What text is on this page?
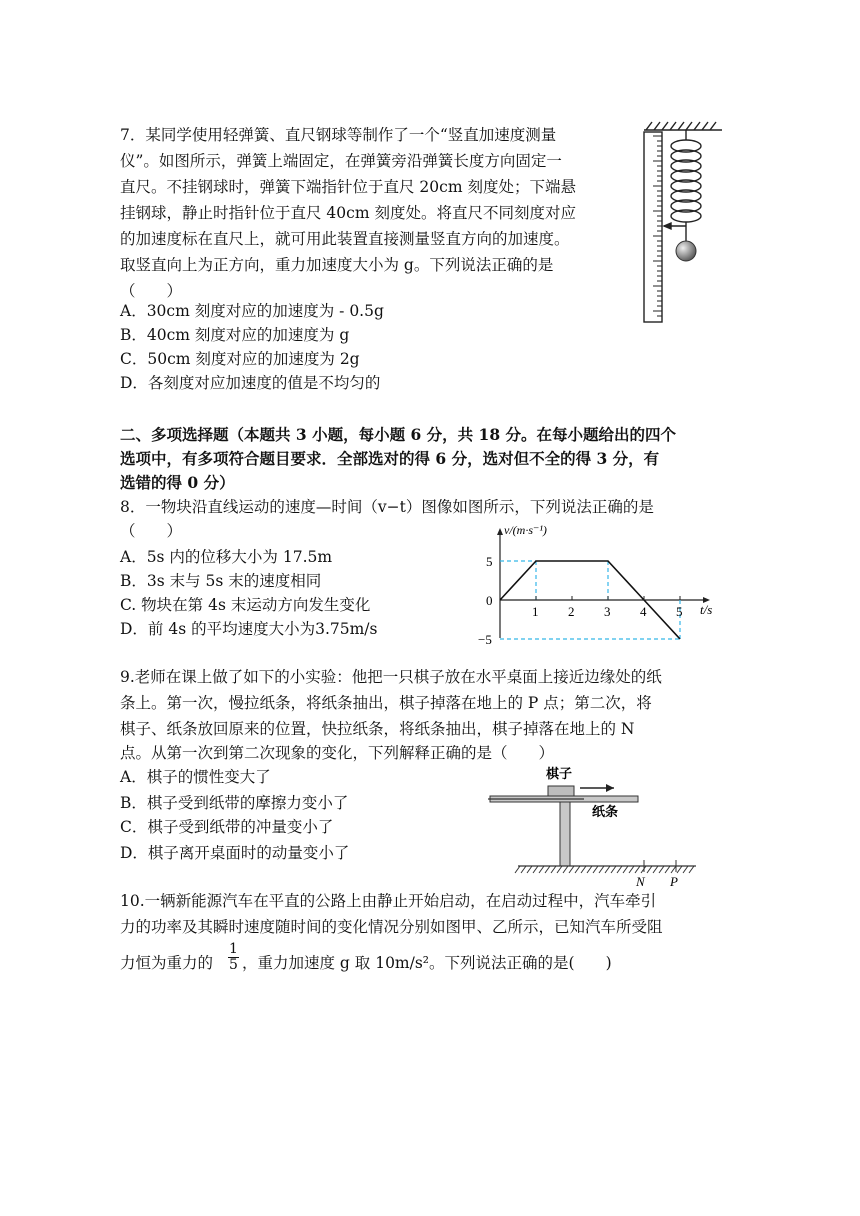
7．某同学使用轻弹簧、直尺钢球等制作了一个“竖直加速度测量
仪”。如图所示，弹簧上端固定，在弹簧旁沿弹簧长度方向固定一
直尺。不挂钢球时，弹簧下端指针位于直尺 20cm 刻度处；下端悬
挂钢球，静止时指针位于直尺 40cm 刻度处。将直尺不同刻度对应
的加速度标在直尺上，就可用此装置直接测量竖直方向的加速度。
取竖直向上为正方向，重力加速度大小为 g。下列说法正确的是
（　　）
A．30cm 刻度对应的加速度为 - 0.5g
B．40cm 刻度对应的加速度为 g
C．50cm 刻度对应的加速度为 2g
D．各刻度对应加速度的值是不均匀的
二、多项选择题（本题共 3 小题，每小题 6 分，共 18 分。在每小题给出的四个
选项中，有多项符合题目要求．全部选对的得 6 分，选对但不全的得 3 分，有
选错的得 0 分）
8．一物块沿直线运动的速度—时间（v−t）图像如图所示，下列说法正确的是
（　　）
A．5s 内的位移大小为 17.5m
B．3s 末与 5s 末的速度相同
C. 物块在第 4s 末运动方向发生变化
D．前 4s 的平均速度大小为3.75m/s
1 2 3 4 5
5
0
−5
v/(m·s⁻¹)
t/s
9.老师在课上做了如下的小实验：他把一只棋子放在水平桌面上接近边缘处的纸
条上。第一次，慢拉纸条，将纸条抽出，棋子掉落在地上的 P 点；第二次，将
棋子、纸条放回原来的位置，快拉纸条，将纸条抽出，棋子掉落在地上的 N
点。从第一次到第二次现象的变化，下列解释正确的是（　　）
A．棋子的惯性变大了
B．棋子受到纸带的摩擦力变小了
C．棋子受到纸带的冲量变小了
D．棋子离开桌面时的动量变小了
棋子
纸条
N P
10.一辆新能源汽车在平直的公路上由静止开始启动，在启动过程中，汽车牵引
力的功率及其瞬时速度随时间的变化情况分别如图甲、乙所示，已知汽车所受阻
力恒为重力的 $\frac{1}{5}$ ，重力加速度 g 取 10m/s²。下列说法正确的是(　　)
